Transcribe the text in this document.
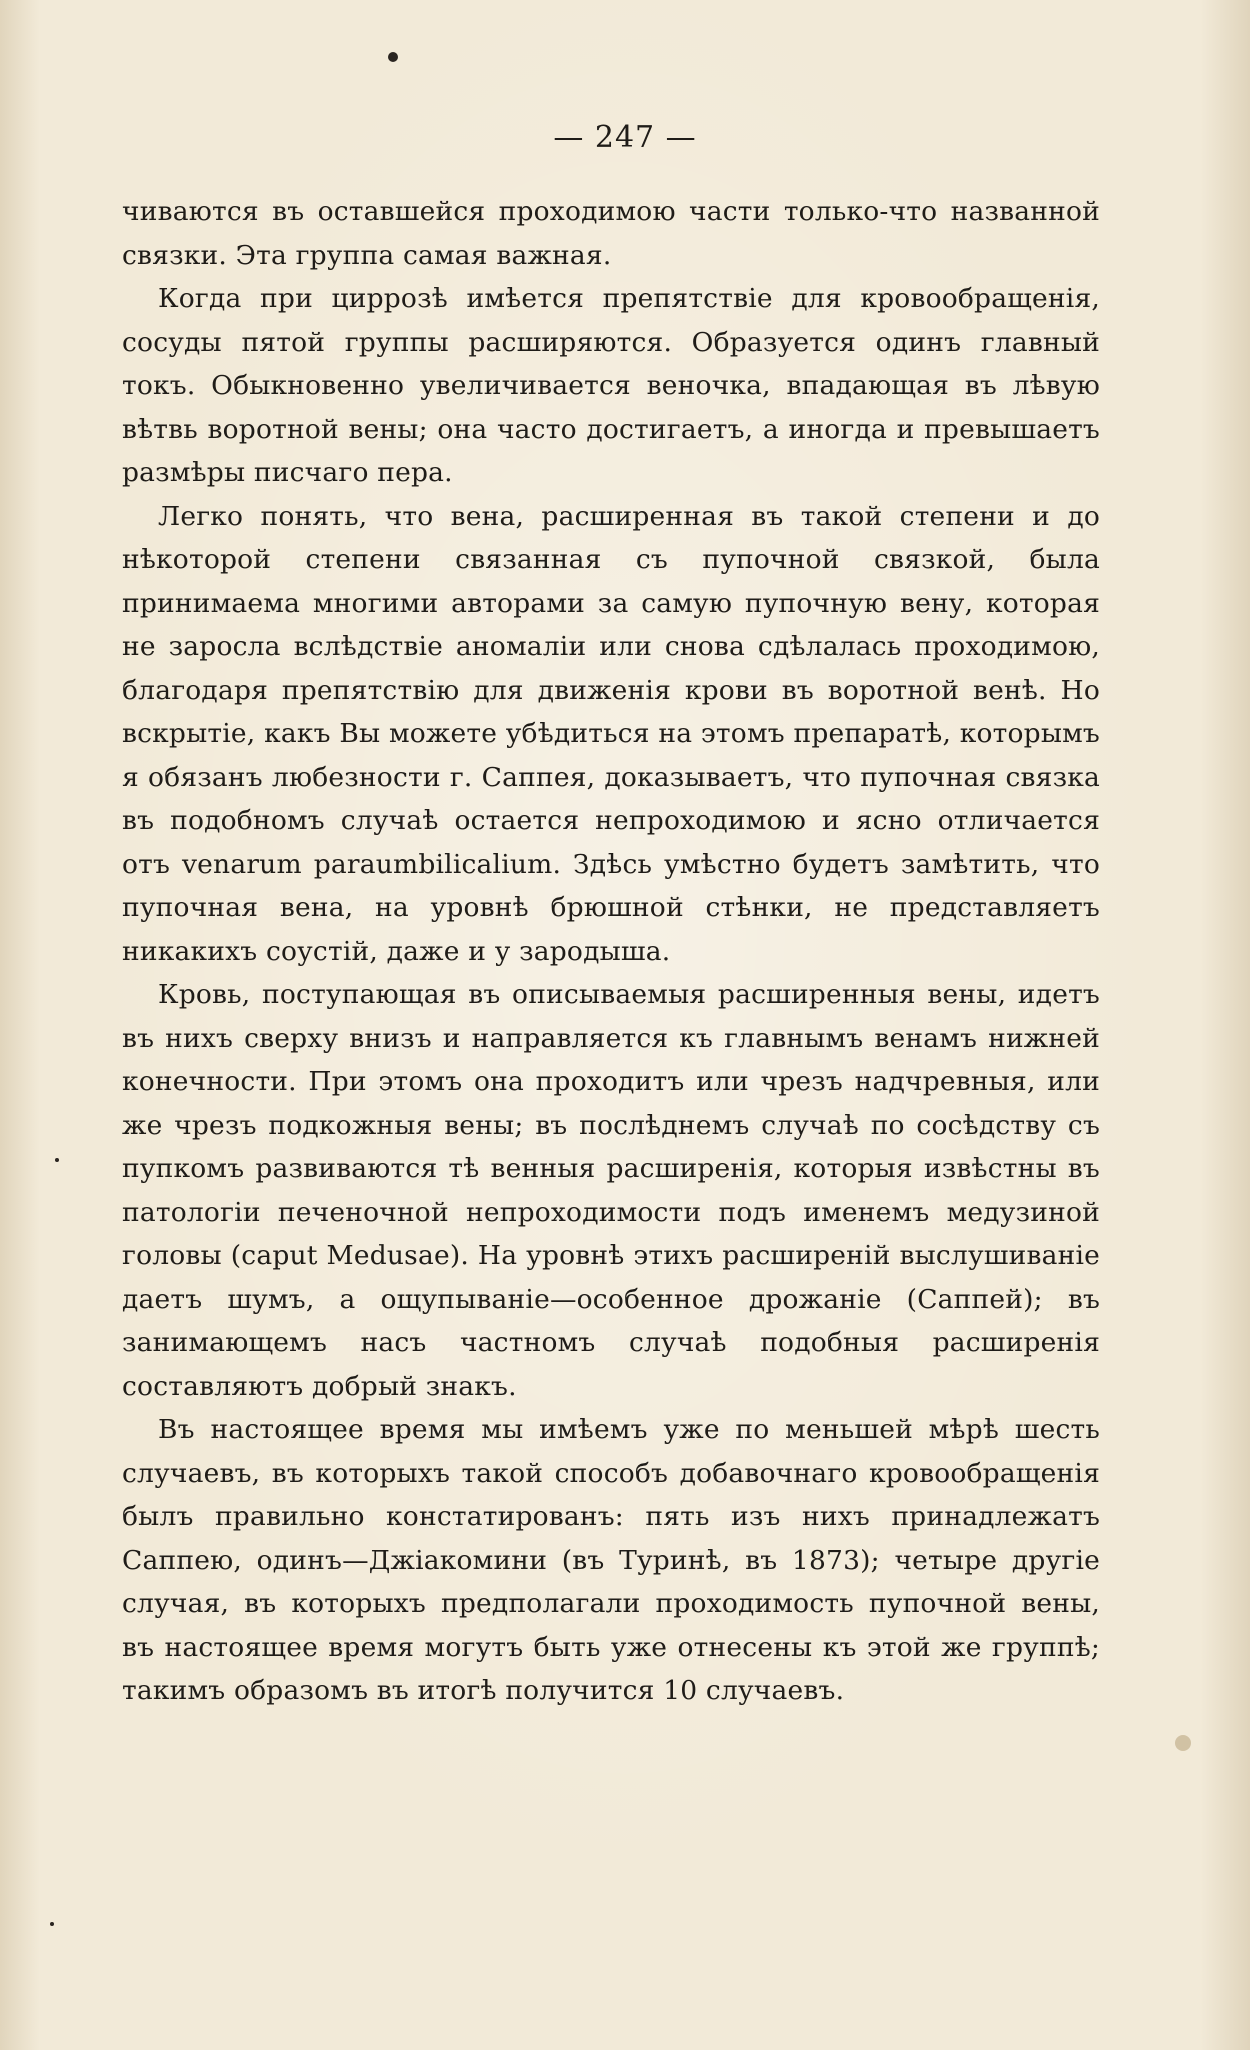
— 247 —

чиваются въ оставшейся проходимою части только-что названной связки. Эта группа самая важная.

Когда при циррозѣ имѣется препятствіе для кровообращенія, сосуды пятой группы расширяются. Образуется одинъ главный токъ. Обыкновенно увеличивается веночка, впадающая въ лѣвую вѣтвь воротной вены; она часто достигаетъ, а иногда и превышаетъ размѣры писчаго пера.

Легко понять, что вена, расширенная въ такой степени и до нѣкоторой степени связанная съ пупочной связкой, была принимаема многими авторами за самую пупочную вену, которая не заросла вслѣдствіе аномаліи или снова сдѣлалась проходимою, благодаря препятствію для движенія крови въ воротной венѣ. Но вскрытіе, какъ Вы можете убѣдиться на этомъ препаратѣ, которымъ я обязанъ любезности г. Саппея, доказываетъ, что пупочная связка въ подобномъ случаѣ остается непроходимою и ясно отличается отъ venarum paraumbilicalium. Здѣсь умѣстно будетъ замѣтить, что пупочная вена, на уровнѣ брюшной стѣнки, не представляетъ никакихъ соустій, даже и у зародыша.

Кровь, поступающая въ описываемыя расширенныя вены, идетъ въ нихъ сверху внизъ и направляется къ главнымъ венамъ нижней конечности. При этомъ она проходитъ или чрезъ надчревныя, или же чрезъ подкожныя вены; въ послѣднемъ случаѣ по сосѣдству съ пупкомъ развиваются тѣ венныя расширенія, которыя извѣстны въ патологіи печеночной непроходимости подъ именемъ медузиной головы (caput Medusae). На уровнѣ этихъ расширеній выслушиваніе даетъ шумъ, а ощупываніе—особенное дрожаніе (Саппей); въ занимающемъ насъ частномъ случаѣ подобныя расширенія составляютъ добрый знакъ.

Въ настоящее время мы имѣемъ уже по меньшей мѣрѣ шесть случаевъ, въ которыхъ такой способъ добавочнаго кровообращенія былъ правильно констатированъ: пять изъ нихъ принадлежатъ Саппею, одинъ—Джіакомини (въ Туринѣ, въ 1873); четыре другіе случая, въ которыхъ предполагали проходимость пупочной вены, въ настоящее время могутъ быть уже отнесены къ этой же группѣ; такимъ образомъ въ итогѣ получится 10 случаевъ.
